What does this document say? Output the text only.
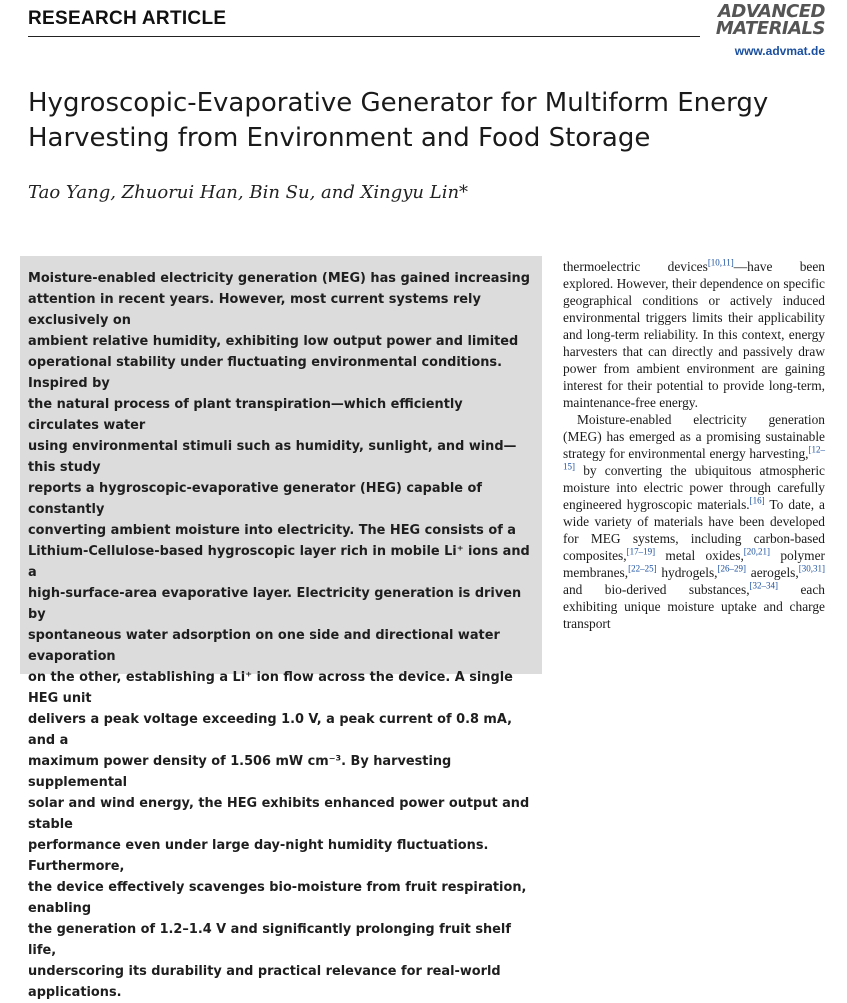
RESEARCH ARTICLE	ADVANCED
MATERIALS
www.advmat.de
Hygroscopic-Evaporative Generator for Multiform Energy Harvesting from Environment and Food Storage
Tao Yang, Zhuorui Han, Bin Su, and Xingyu Lin*

Moisture-enabled electricity generation (MEG) has gained increasing
attention in recent years. However, most current systems rely exclusively on
ambient relative humidity, exhibiting low output power and limited
operational stability under fluctuating environmental conditions. Inspired by
the natural process of plant transpiration—which efficiently circulates water
using environmental stimuli such as humidity, sunlight, and wind—this study
reports a hygroscopic-evaporative generator (HEG) capable of constantly
converting ambient moisture into electricity. The HEG consists of a
Lithium-Cellulose-based hygroscopic layer rich in mobile Li⁺ ions and a
high-surface-area evaporative layer. Electricity generation is driven by
spontaneous water adsorption on one side and directional water evaporation
on the other, establishing a Li⁺ ion flow across the device. A single HEG unit
delivers a peak voltage exceeding 1.0 V, a peak current of 0.8 mA, and a
maximum power density of 1.506 mW cm⁻³. By harvesting supplemental
solar and wind energy, the HEG exhibits enhanced power output and stable
performance even under large day-night humidity fluctuations. Furthermore,
the device effectively scavenges bio-moisture from fruit respiration, enabling
the generation of 1.2–1.4 V and significantly prolonging fruit shelf life,
underscoring its durability and practical relevance for real-world applications.

thermoelectric devices[10,11]—have been explored. However, their dependence on specific geographical conditions or actively induced environmental triggers limits their applicability and long-term reliability. In this context, energy harvesters that can directly and passively draw power from ambient environment are gaining interest for their potential to provide long-term, maintenance-free energy.

Moisture-enabled electricity generation (MEG) has emerged as a promising sustainable strategy for environmental energy harvesting,[12–15] by converting the ubiquitous atmospheric moisture into electric power through carefully engineered hygroscopic materials.[16] To date, a wide variety of materials have been developed for MEG systems, including carbon-based composites,[17–19] metal oxides,[20,21] polymer membranes,[22–25] hydrogels,[26–29] aerogels,[30,31] and bio-derived substances,[32–34] each exhibiting unique moisture uptake and charge transport
